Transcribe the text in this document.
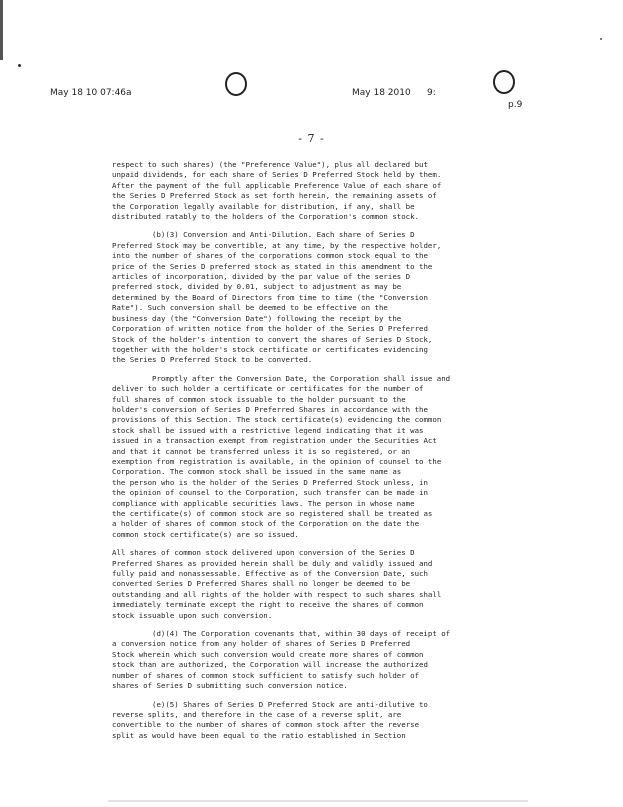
May 18 10 07:46a	May 18 2010 9:
p.9
- 7 -
respect to such shares) (the "Preference Value"), plus all declared but
unpaid dividends, for each share of Series D Preferred Stock held by them.
After the payment of the full applicable Preference Value of each share of
the Series D Preferred Stock as set forth herein, the remaining assets of
the Corporation legally available for distribution, if any, shall be
distributed ratably to the holders of the Corporation's common stock.
(b)(3) Conversion and Anti-Dilution. Each share of Series D
Preferred Stock may be convertible, at any time, by the respective holder,
into the number of shares of the corporations common stock equal to the
price of the Series D preferred stock as stated in this amendment to the
articles of incorporation, divided by the par value of the series D
preferred stock, divided by 0.01, subject to adjustment as may be
determined by the Board of Directors from time to time (the "Conversion
Rate"). Such conversion shall be deemed to be effective on the
business day (the "Conversion Date") following the receipt by the
Corporation of written notice from the holder of the Series D Preferred
Stock of the holder's intention to convert the shares of Series D Stock,
together with the holder's stock certificate or certificates evidencing
the Series D Preferred Stock to be converted.
Promptly after the Conversion Date, the Corporation shall issue and
deliver to such holder a certificate or certificates for the number of
full shares of common stock issuable to the holder pursuant to the
holder's conversion of Series D Preferred Shares in accordance with the
provisions of this Section. The stock certificate(s) evidencing the common
stock shall be issued with a restrictive legend indicating that it was
issued in a transaction exempt from registration under the Securities Act
and that it cannot be transferred unless it is so registered, or an
exemption from registration is available, in the opinion of counsel to the
Corporation. The common stock shall be issued in the same name as
the person who is the holder of the Series D Preferred Stock unless, in
the opinion of counsel to the Corporation, such transfer can be made in
compliance with applicable securities laws. The person in whose name
the certificate(s) of common stock are so registered shall be treated as
a holder of shares of common stock of the Corporation on the date the
common stock certificate(s) are so issued.
All shares of common stock delivered upon conversion of the Series D
Preferred Shares as provided herein shall be duly and validly issued and
fully paid and nonassessable. Effective as of the Conversion Date, such
converted Series D Preferred Shares shall no longer be deemed to be
outstanding and all rights of the holder with respect to such shares shall
immediately terminate except the right to receive the shares of common
stock issuable upon such conversion.
(d)(4) The Corporation covenants that, within 30 days of receipt of
a conversion notice from any holder of shares of Series D Preferred
Stock wherein which such conversion would create more shares of common
stock than are authorized, the Corporation will increase the authorized
number of shares of common stock sufficient to satisfy such holder of
shares of Series D submitting such conversion notice.
(e)(5) Shares of Series D Preferred Stock are anti-dilutive to
reverse splits, and therefore in the case of a reverse split, are
convertible to the number of shares of common stock after the reverse
split as would have been equal to the ratio established in Section
